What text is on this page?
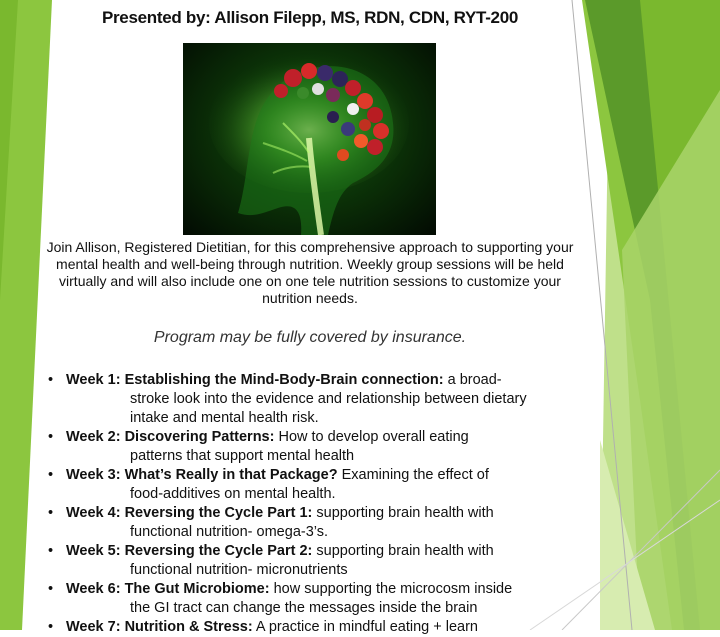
Presented by: Allison Filepp, MS, RDN, CDN, RYT-200
Join Allison, Registered Dietitian, for this comprehensive approach to supporting your mental health and well-being through nutrition. Weekly group sessions will be held virtually and will also include one on one tele nutrition sessions to customize your nutrition needs.
Program may be fully covered by insurance.
• Week 1: Establishing the Mind-Body-Brain connection: a broad-
stroke look into the evidence and relationship between dietary intake and mental health risk.
• Week 2: Discovering Patterns: How to develop overall eating
patterns that support mental health
• Week 3: What’s Really in that Package? Examining the effect of
food-additives on mental health.
• Week 4: Reversing the Cycle Part 1: supporting brain health with
functional nutrition- omega-3’s.
• Week 5: Reversing the Cycle Part 2: supporting brain health with
functional nutrition- micronutrients
• Week 6: The Gut Microbiome: how supporting the microcosm inside
the GI tract can change the messages inside the brain
• Week 7: Nutrition & Stress: A practice in mindful eating + learn
